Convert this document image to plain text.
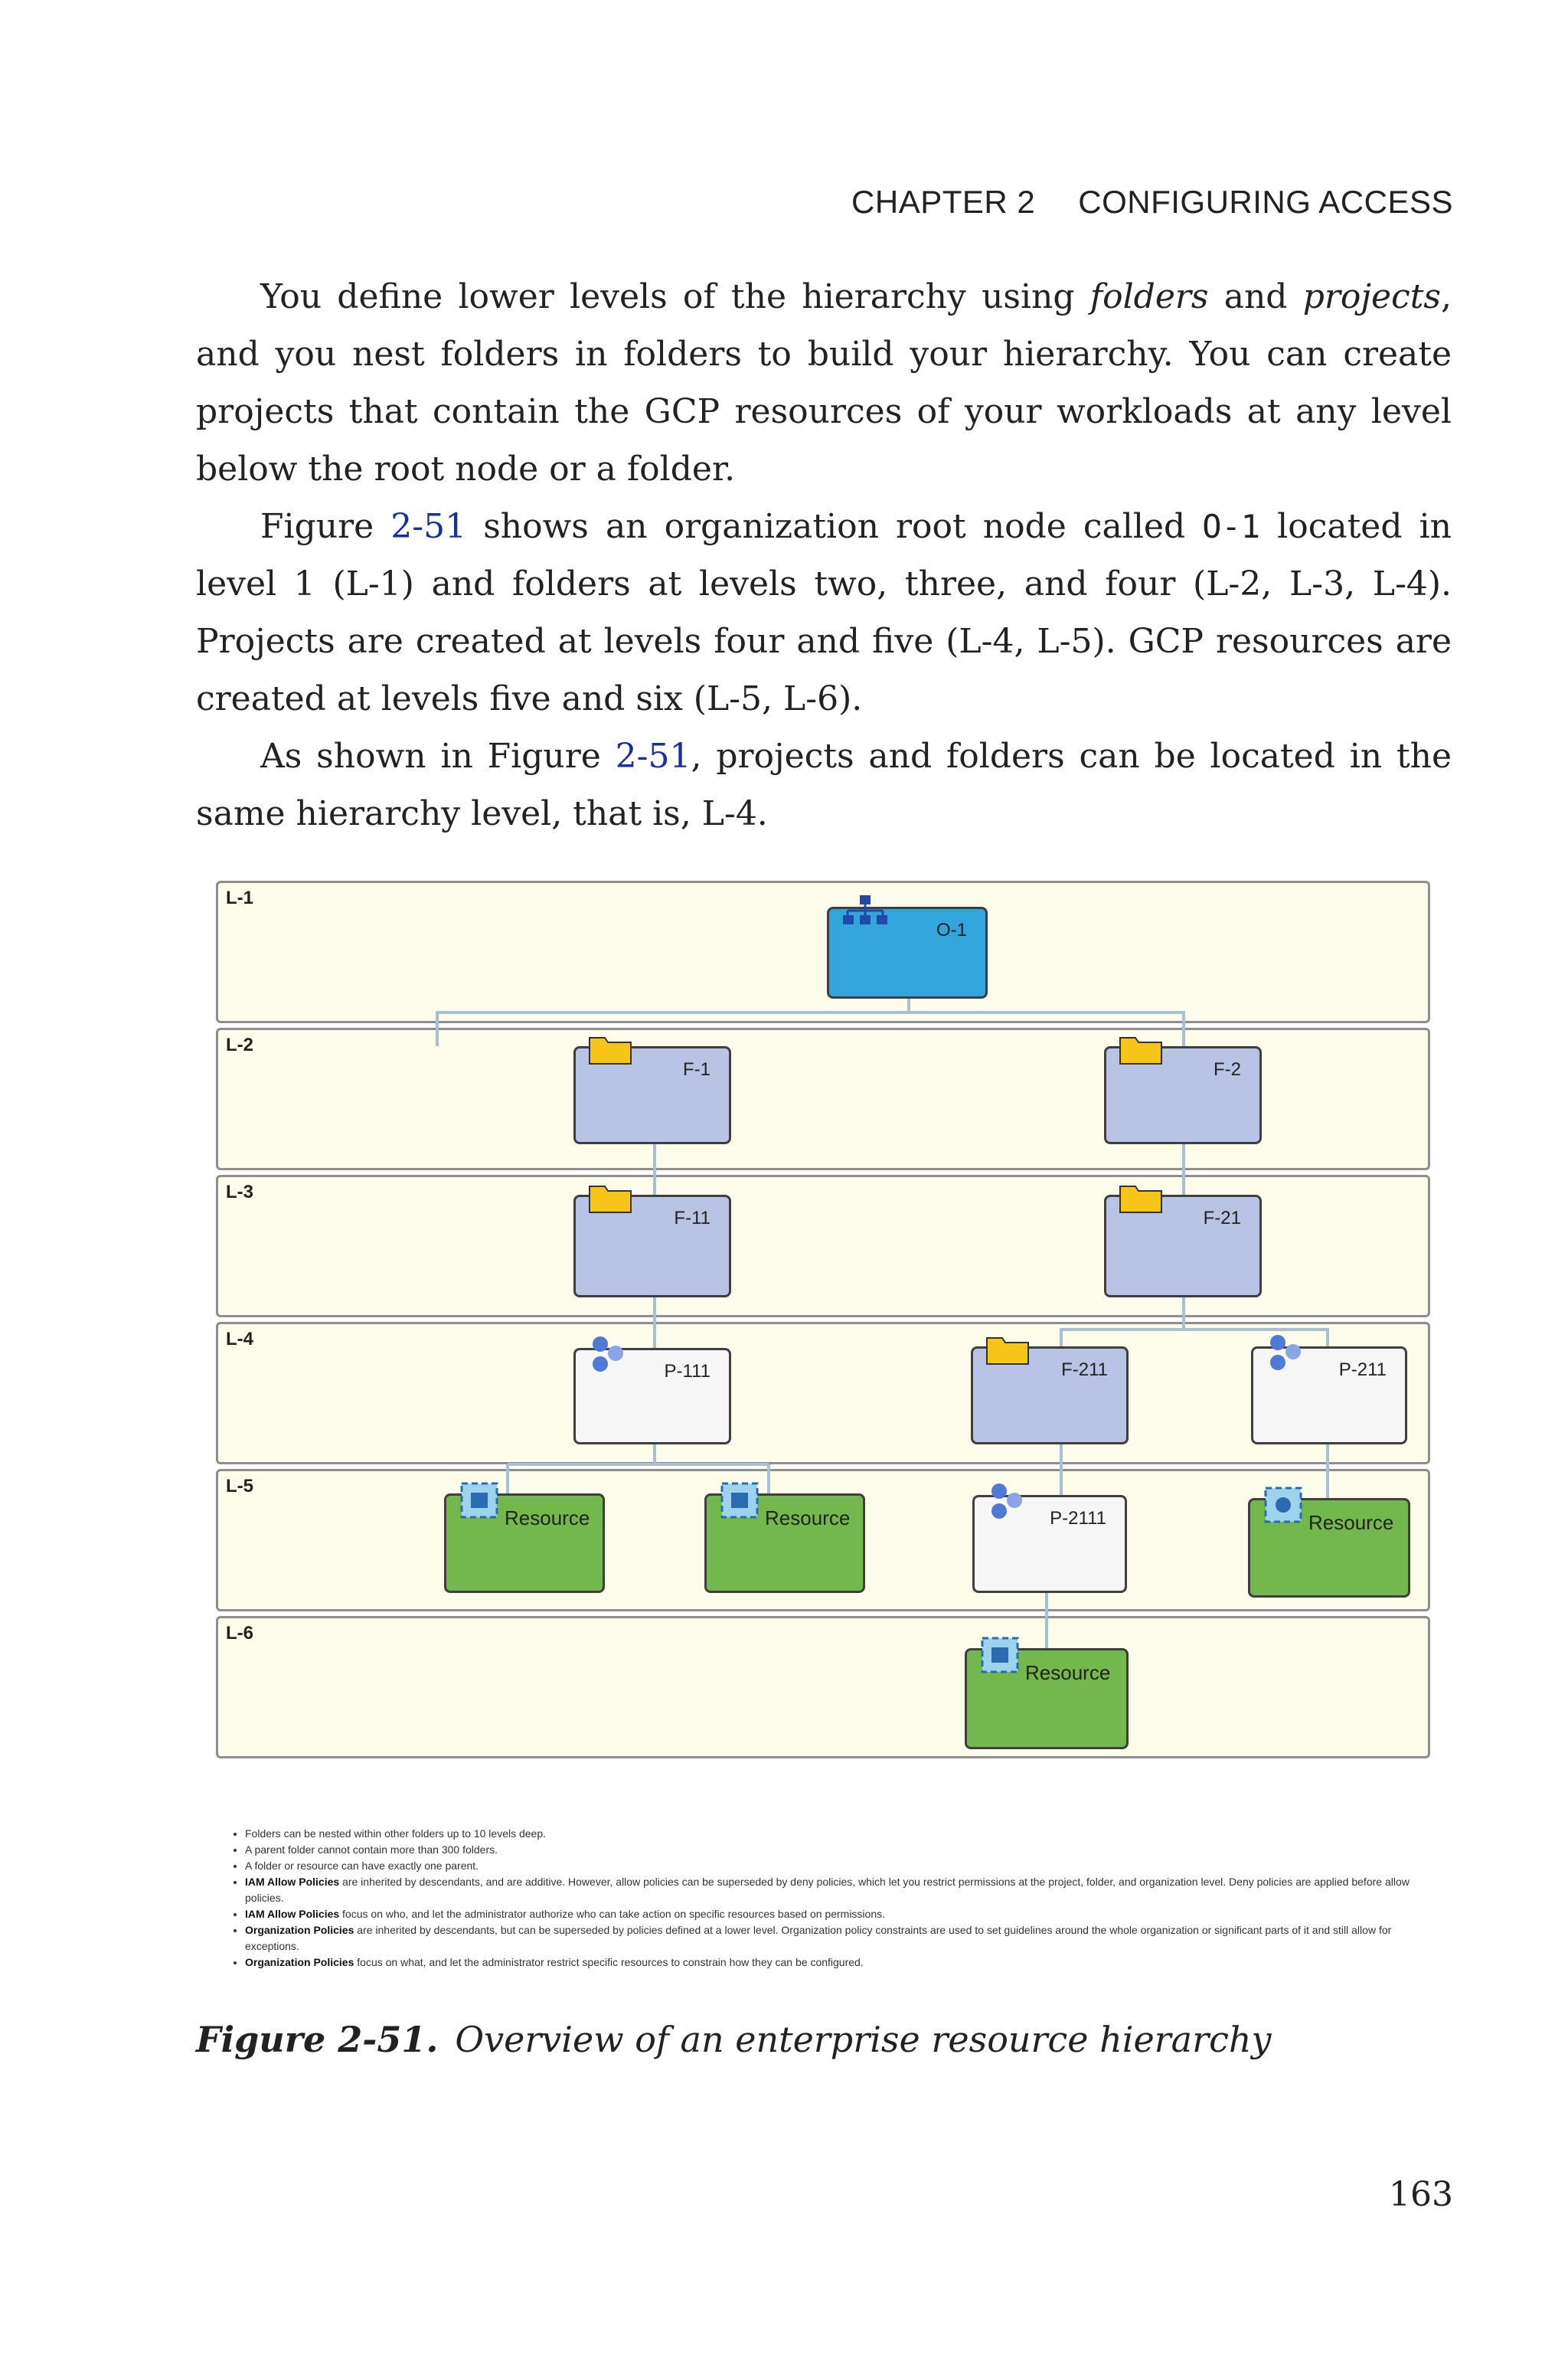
CHAPTER 2 CONFIGURING ACCESS

You define lower levels of the hierarchy using folders and projects, and you nest folders in folders to build your hierarchy. You can create projects that contain the GCP resources of your workloads at any level below the root node or a folder.

Figure 2-51 shows an organization root node called O-1 located in level 1 (L-1) and folders at levels two, three, and four (L-2, L-3, L-4). Projects are created at levels four and five (L-4, L-5). GCP resources are created at levels five and six (L-5, L-6).

As shown in Figure 2-51, projects and folders can be located in the same hierarchy level, that is, L-4.

L-1
L-2
L-3
L-4
L-5
L-6
O-1
F-1	F-2
F-11	F-21
P-111	F-211	P-211
Resource	Resource	P-2111	Resource
Resource
• Folders can be nested within other folders up to 10 levels deep.
• A parent folder cannot contain more than 300 folders.
• A folder or resource can have exactly one parent.
• IAM Allow Policies are inherited by descendants, and are additive. However, allow policies can be superseded by deny policies, which let you restrict permissions at the project, folder, and organization level. Deny policies are applied before allow policies.
• IAM Allow Policies focus on who, and let the administrator authorize who can take action on specific resources based on permissions.
• Organization Policies are inherited by descendants, but can be superseded by policies defined at a lower level. Organization policy constraints are used to set guidelines around the whole organization or significant parts of it and still allow for exceptions.
• Organization Policies focus on what, and let the administrator restrict specific resources to constrain how they can be configured.
Figure 2-51. Overview of an enterprise resource hierarchy
163
